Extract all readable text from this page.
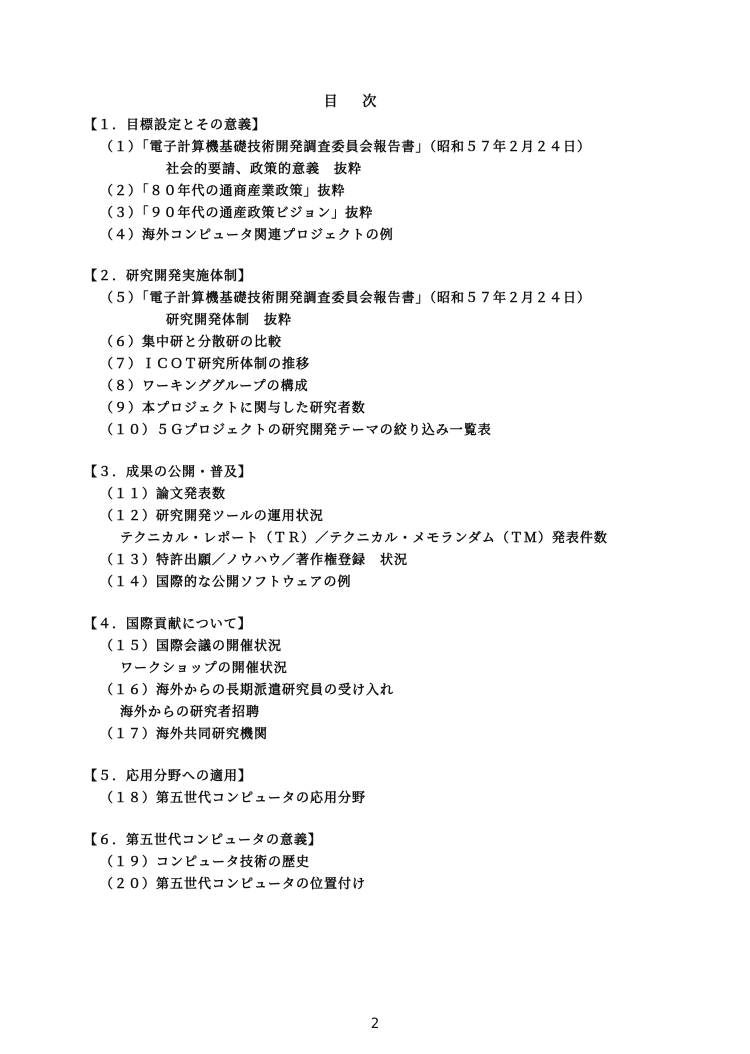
目 次
【１．目標設定とその意義】
（１）「電子計算機基礎技術開発調査委員会報告書」（昭和５７年２月２４日）
社会的要請、政策的意義　抜粋
（２）「８０年代の通商産業政策」抜粋
（３）「９０年代の通産政策ビジョン」抜粋
（４）海外コンピュータ関連プロジェクトの例
【２．研究開発実施体制】
（５）「電子計算機基礎技術開発調査委員会報告書」（昭和５７年２月２４日）
研究開発体制　抜粋
（６）集中研と分散研の比較
（７）ＩＣＯＴ研究所体制の推移
（８）ワーキンググループの構成
（９）本プロジェクトに関与した研究者数
（１０）５Ｇプロジェクトの研究開発テーマの絞り込み一覧表
【３．成果の公開・普及】
（１１）論文発表数
（１２）研究開発ツールの運用状況
テクニカル・レポート（ＴＲ）／テクニカル・メモランダム（ＴＭ）発表件数
（１３）特許出願／ノウハウ／著作権登録　状況
（１４）国際的な公開ソフトウェアの例
【４．国際貢献について】
（１５）国際会議の開催状況
ワークショップの開催状況
（１６）海外からの長期派遣研究員の受け入れ
海外からの研究者招聘
（１７）海外共同研究機関
【５．応用分野への適用】
（１８）第五世代コンピュータの応用分野
【６．第五世代コンピュータの意義】
（１９）コンピュータ技術の歴史
（２０）第五世代コンピュータの位置付け
2
